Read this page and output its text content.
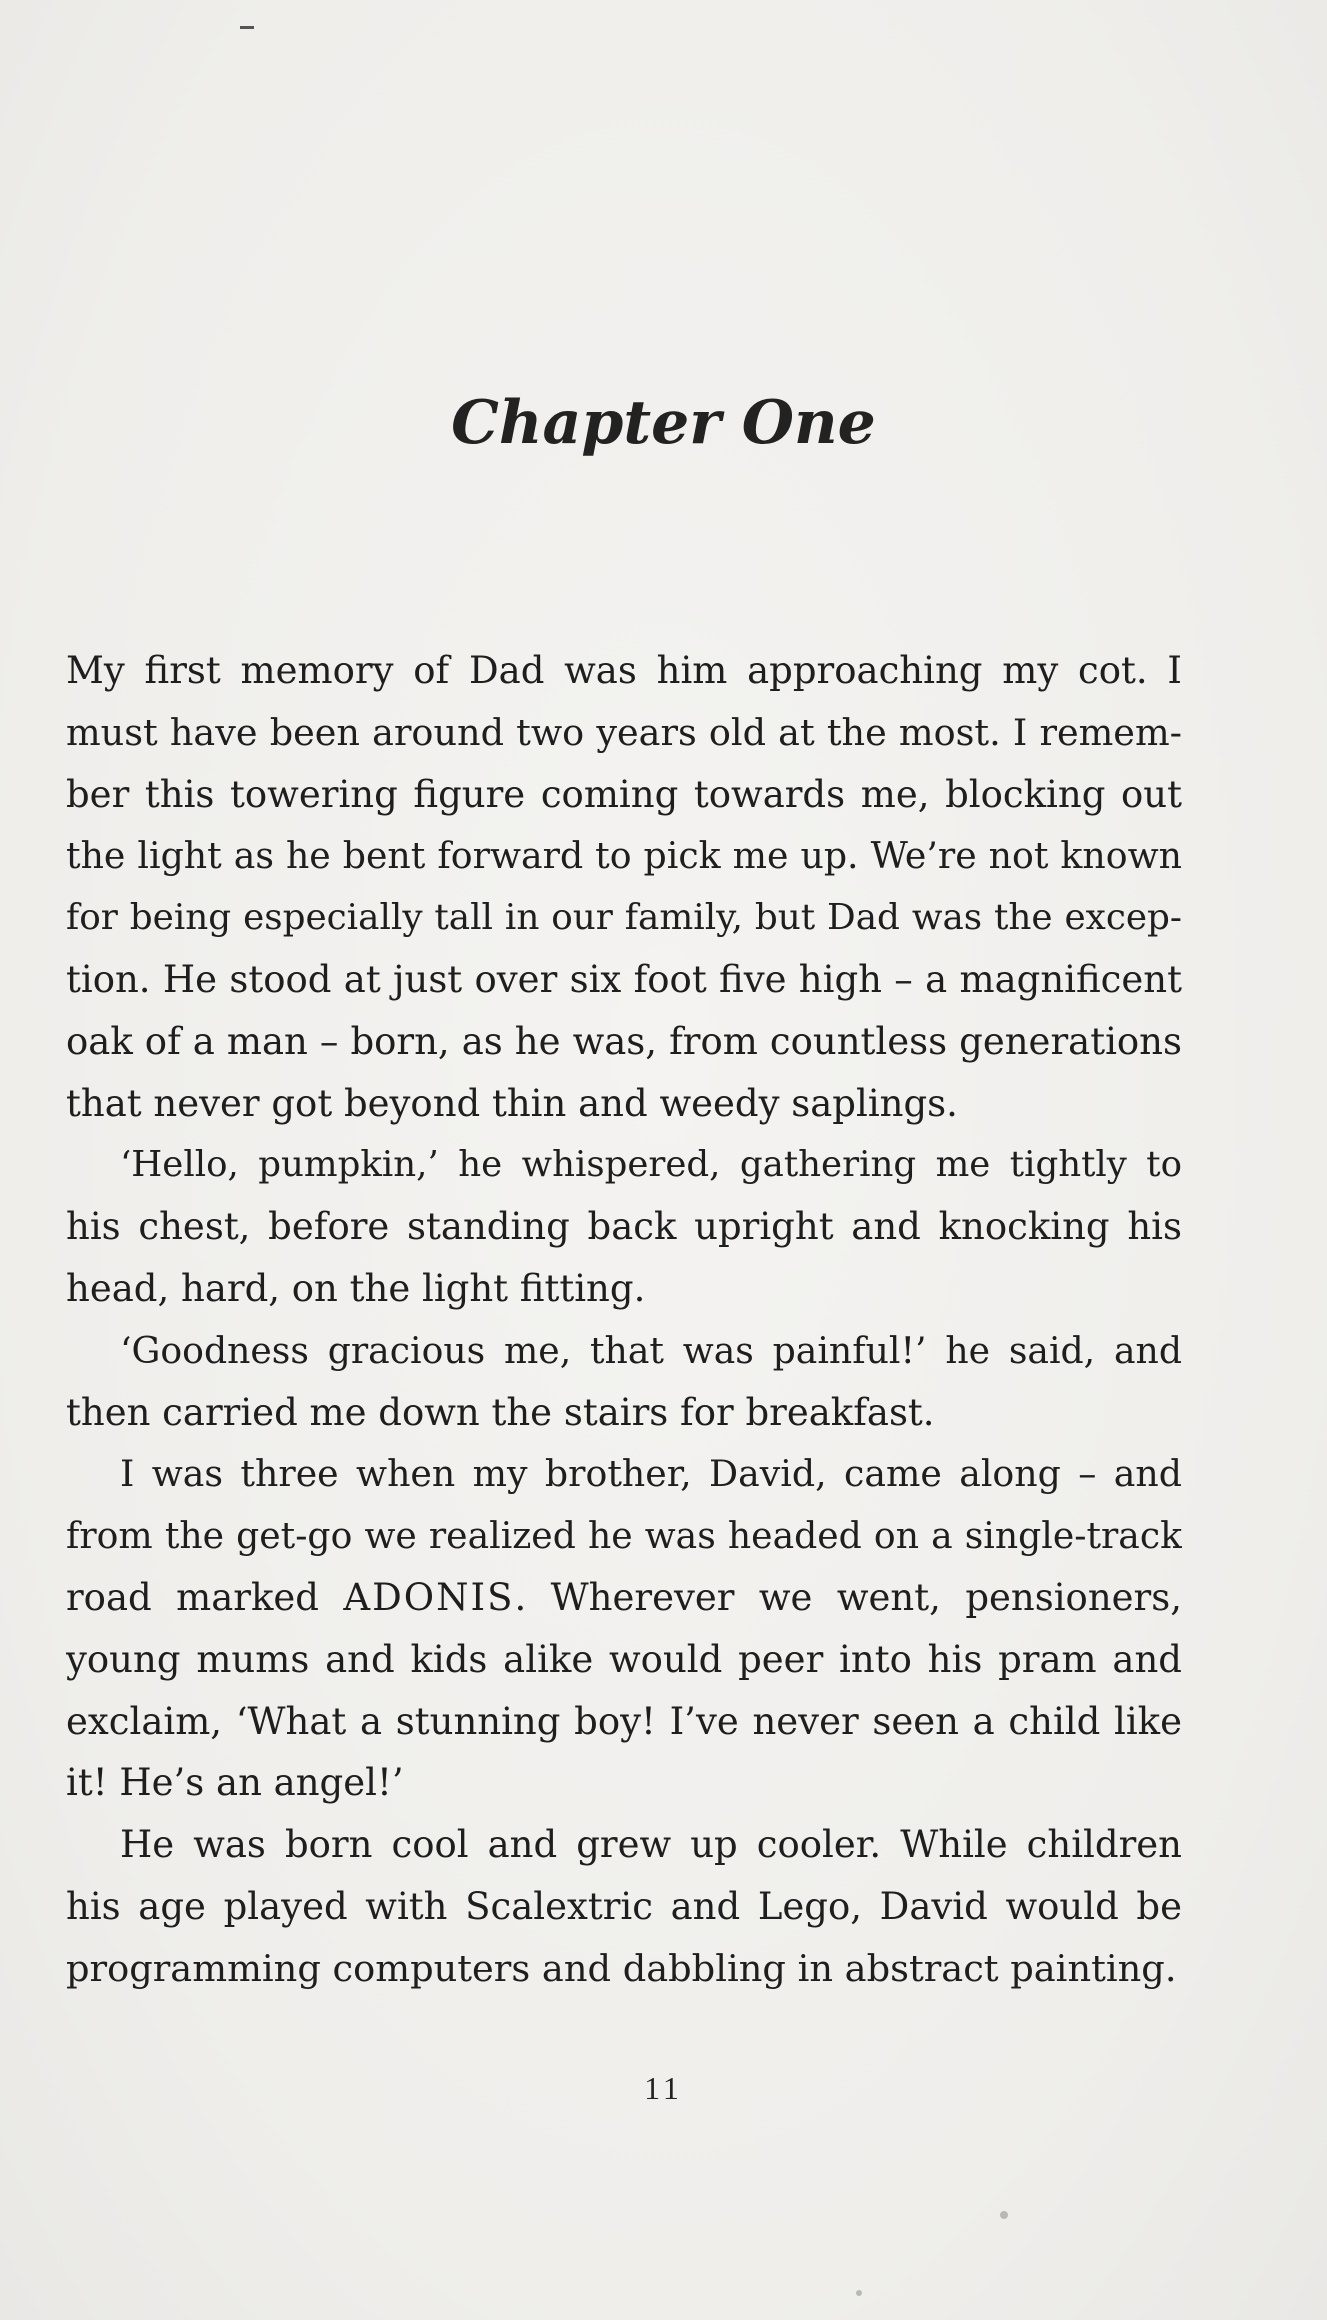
Chapter One
My first memory of Dad was him approaching my cot. I
must have been around two years old at the most. I remem-
ber this towering figure coming towards me, blocking out
the light as he bent forward to pick me up. We’re not known
for being especially tall in our family, but Dad was the excep-
tion. He stood at just over six foot five high – a magnificent
oak of a man – born, as he was, from countless generations
that never got beyond thin and weedy saplings.
‘Hello, pumpkin,’ he whispered, gathering me tightly to
his chest, before standing back upright and knocking his
head, hard, on the light fitting.
‘Goodness gracious me, that was painful!’ he said, and
then carried me down the stairs for breakfast.
I was three when my brother, David, came along – and
from the get-go we realized he was headed on a single-track
road marked ADONIS. Wherever we went, pensioners,
young mums and kids alike would peer into his pram and
exclaim, ‘What a stunning boy! I’ve never seen a child like
it! He’s an angel!’
He was born cool and grew up cooler. While children
his age played with Scalextric and Lego, David would be
programming computers and dabbling in abstract painting.
11
